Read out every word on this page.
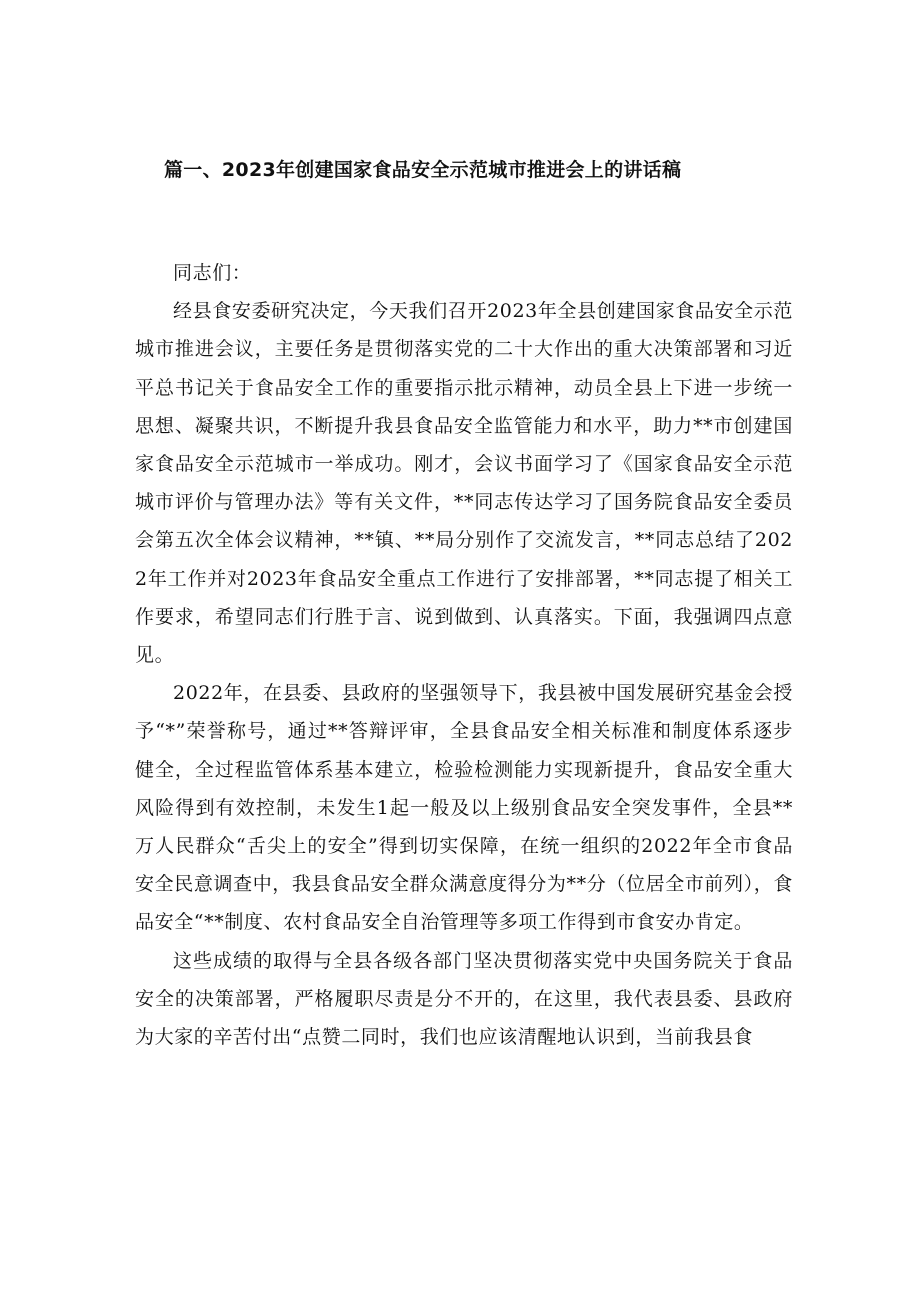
篇一、2023年创建国家食品安全示范城市推进会上的讲话稿

同志们：

经县食安委研究决定，今天我们召开2023年全县创建国家食品安全示范城市推进会议，主要任务是贯彻落实党的二十大作出的重大决策部署和习近平总书记关于食品安全工作的重要指示批示精神，动员全县上下进一步统一思想、凝聚共识，不断提升我县食品安全监管能力和水平，助力**市创建国家食品安全示范城市一举成功。刚才，会议书面学习了《国家食品安全示范城市评价与管理办法》等有关文件，**同志传达学习了国务院食品安全委员会第五次全体会议精神，**镇、**局分别作了交流发言，**同志总结了2022年工作并对2023年食品安全重点工作进行了安排部署，**同志提了相关工作要求，希望同志们行胜于言、说到做到、认真落实。下面，我强调四点意见。

2022年，在县委、县政府的坚强领导下，我县被中国发展研究基金会授予“*”荣誉称号，通过**答辩评审，全县食品安全相关标准和制度体系逐步健全，全过程监管体系基本建立，检验检测能力实现新提升，食品安全重大风险得到有效控制，未发生1起一般及以上级别食品安全突发事件，全县**万人民群众“舌尖上的安全”得到切实保障，在统一组织的2022年全市食品安全民意调查中，我县食品安全群众满意度得分为**分（位居全市前列），食品安全“**制度、农村食品安全自治管理等多项工作得到市食安办肯定。

这些成绩的取得与全县各级各部门坚决贯彻落实党中央国务院关于食品安全的决策部署，严格履职尽责是分不开的，在这里，我代表县委、县政府为大家的辛苦付出“点赞二同时，我们也应该清醒地认识到，当前我县食
